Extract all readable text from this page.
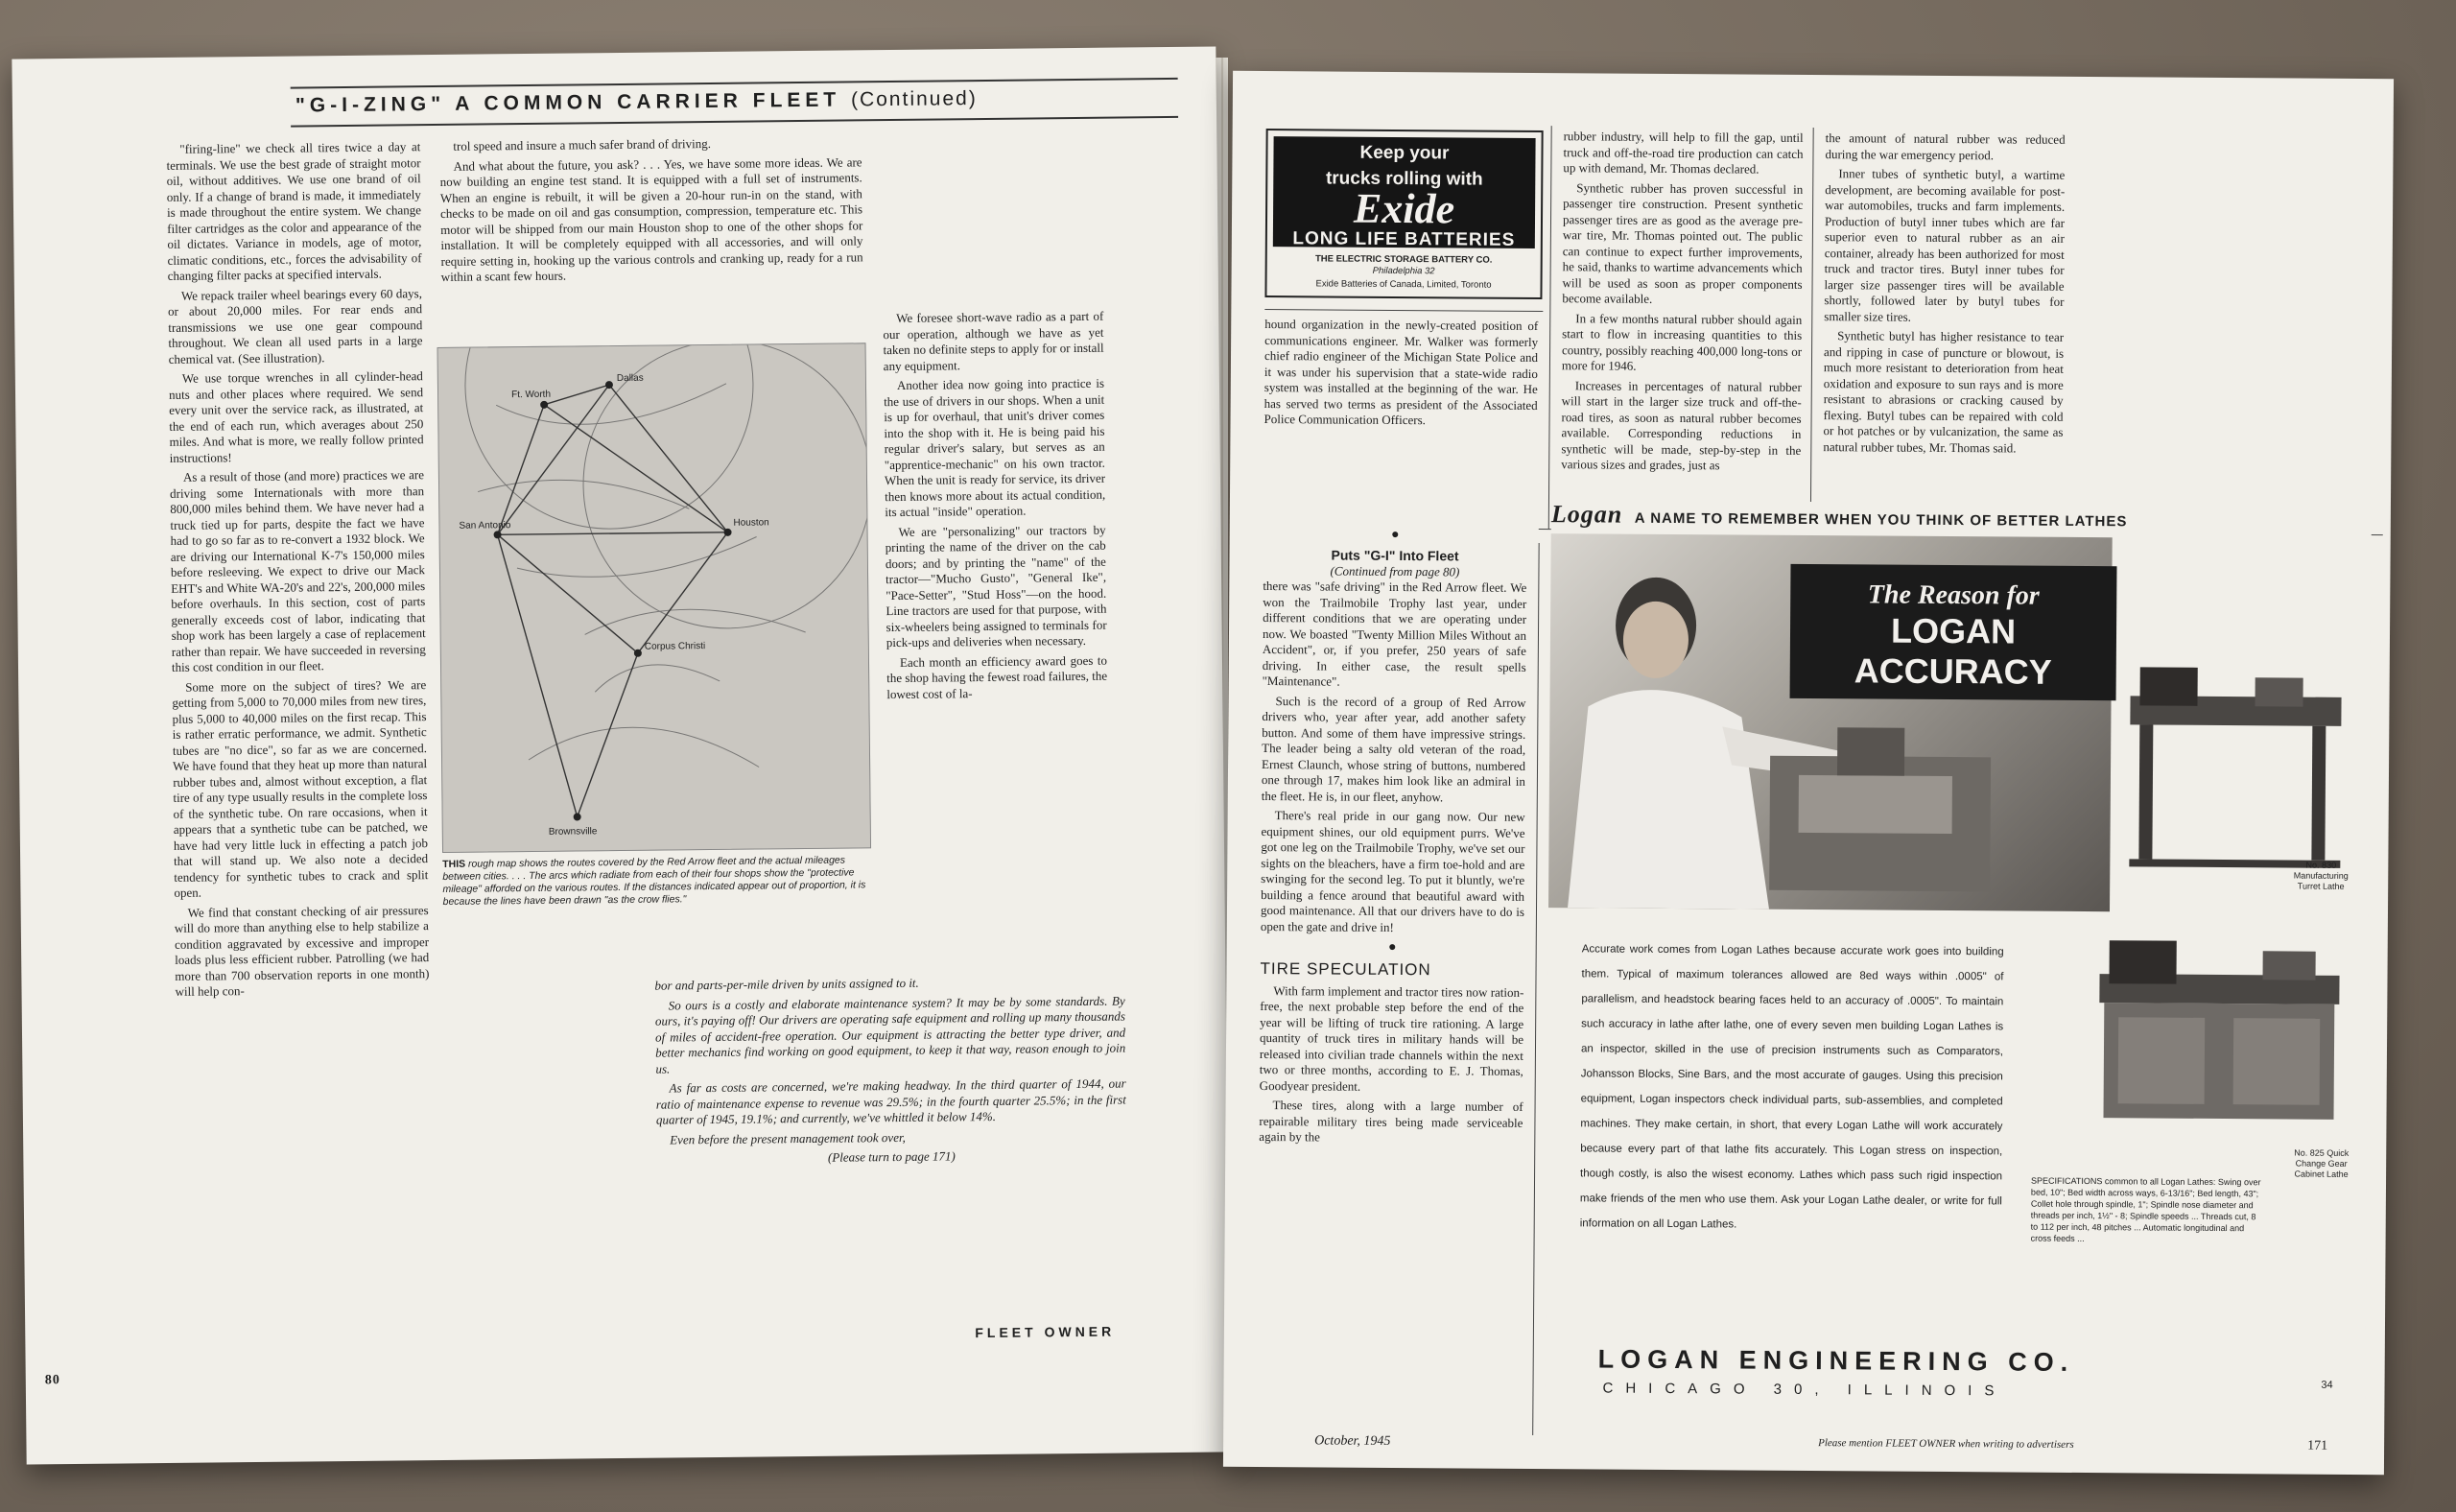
"G-I-ZING" A COMMON CARRIER FLEET (Continued)

"firing-line" we check all tires twice a day at terminals. We use the best grade of straight motor oil, without additives. We use one brand of oil only. If a change of brand is made, it immediately is made throughout the entire system. We change filter cartridges as the color and appearance of the oil dictates. Variance in models, age of motor, climatic conditions, etc., forces the advisability of changing filter packs at specified intervals.

We repack trailer wheel bearings every 60 days, or about 20,000 miles. For rear ends and transmissions we use one gear compound throughout. We clean all used parts in a large chemical vat. (See illustration).

We use torque wrenches in all cylinder-head nuts and other places where required. We send every unit over the service rack, as illustrated, at the end of each run, which averages about 250 miles. And what is more, we really follow printed instructions!

As a result of those (and more) practices we are driving some Internationals with more than 800,000 miles behind them. We have never had a truck tied up for parts, despite the fact we have had to go so far as to re-convert a 1932 block. We are driving our International K-7's 150,000 miles before resleeving. We expect to drive our Mack EHT's and White WA-20's and 22's, 200,000 miles before overhauls. In this section, cost of parts generally exceeds cost of labor, indicating that shop work has been largely a case of replacement rather than repair. We have succeeded in reversing this cost condition in our fleet.

Some more on the subject of tires? We are getting from 5,000 to 70,000 miles from new tires, plus 5,000 to 40,000 miles on the first recap. This is rather erratic performance, we admit. Synthetic tubes are "no dice", so far as we are concerned. We have found that they heat up more than natural rubber tubes and, almost without exception, a flat tire of any type usually results in the complete loss of the synthetic tube. On rare occasions, when it appears that a synthetic tube can be patched, we have had very little luck in effecting a patch job that will stand up. We also note a decided tendency for synthetic tubes to crack and split open.

We find that constant checking of air pressures will do more than anything else to help stabilize a condition aggravated by excessive and improper loads plus less efficient rubber. Patrolling (we had more than 700 observation reports in one month) will help con-

trol speed and insure a much safer brand of driving.

And what about the future, you ask? . . . Yes, we have some more ideas. We are now building an engine test stand. It is equipped with a full set of instruments. When an engine is rebuilt, it will be given a 20-hour run-in on the stand, with checks to be made on oil and gas consumption, compression, temperature etc. This motor will be shipped from our main Houston shop to one of the other shops for installation. It will be completely equipped with all accessories, and will only require setting in, hooking up the various controls and cranking up, ready for a run within a scant few hours.

Dallas
Ft. Worth
San Antonio	Houston
Corpus Christi
Brownsville
THIS rough map shows the routes covered by the Red Arrow fleet and the actual mileages between cities. . . . The arcs which radiate from each of their four shops show the "protective mileage" afforded on the various routes. If the distances indicated appear out of proportion, it is because the lines have been drawn "as the crow flies."

We foresee short-wave radio as a part of our operation, although we have as yet taken no definite steps to apply for or install any equipment.

Another idea now going into practice is the use of drivers in our shops. When a unit is up for overhaul, that unit's driver comes into the shop with it. He is being paid his regular driver's salary, but serves as an "apprentice-mechanic" on his own tractor. When the unit is ready for service, its driver then knows more about its actual condition, its actual "inside" operation.

We are "personalizing" our tractors by printing the name of the driver on the cab doors; and by printing the "name" of the tractor—"Mucho Gusto", "General Ike", "Pace-Setter", "Stud Hoss"—on the hood. Line tractors are used for that purpose, with six-wheelers being assigned to terminals for pick-ups and deliveries when necessary.

Each month an efficiency award goes to the shop having the fewest road failures, the lowest cost of la-

bor and parts-per-mile driven by units assigned to it.

So ours is a costly and elaborate maintenance system? It may be by some standards. By ours, it's paying off! Our drivers are operating safe equipment and rolling up many thousands of miles of accident-free operation. Our equipment is attracting the better type driver, and better mechanics find working on good equipment, to keep it that way, reason enough to join us.

As far as costs are concerned, we're making headway. In the third quarter of 1944, our ratio of maintenance expense to revenue was 29.5%; in the fourth quarter 25.5%; in the first quarter of 1945, 19.1%; and currently, we've whittled it below 14%.

Even before the present management took over,

(Please turn to page 171)

80
FLEET OWNER
Keep your
trucks rolling with
Exide
LONG LIFE BATTERIES
THE ELECTRIC STORAGE BATTERY CO.
Philadelphia 32
Exide Batteries of Canada, Limited, Toronto

hound organization in the newly-created position of communications engineer. Mr. Walker was formerly chief radio engineer of the Michigan State Police and it was under his supervision that a state-wide radio system was installed at the beginning of the war. He has served two terms as president of the Associated Police Communication Officers.

rubber industry, will help to fill the gap, until truck and off-the-road tire production can catch up with demand, Mr. Thomas declared.

Synthetic rubber has proven successful in passenger tire construction. Present synthetic passenger tires are as good as the average pre-war tire, Mr. Thomas pointed out. The public can continue to expect further improvements, he said, thanks to wartime advancements which will be used as soon as proper components become available.

In a few months natural rubber should again start to flow in increasing quantities to this country, possibly reaching 400,000 long-tons or more for 1946.

Increases in percentages of natural rubber will start in the larger size truck and off-the-road tires, as soon as natural rubber becomes available. Corresponding reductions in synthetic will be made, step-by-step in the various sizes and grades, just as

the amount of natural rubber was reduced during the war emergency period.

Inner tubes of synthetic butyl, a wartime development, are becoming available for post-war automobiles, trucks and farm implements. Production of butyl inner tubes which are far superior even to natural rubber as an air container, already has been authorized for most truck and tractor tires. Butyl inner tubes for larger size passenger tires will be available shortly, followed later by butyl tubes for smaller size tires.

Synthetic butyl has higher resistance to tear and ripping in case of puncture or blowout, is much more resistant to deterioration from heat oxidation and exposure to sun rays and is more resistant to abrasions or cracking caused by flexing. Butyl tubes can be repaired with cold or hot patches or by vulcanization, the same as natural rubber tubes, Mr. Thomas said.

●
Puts "G-I" Into Fleet
(Continued from page 80)

there was "safe driving" in the Red Arrow fleet. We won the Trailmobile Trophy last year, under different conditions that we are operating under now. We boasted "Twenty Million Miles Without an Accident", or, if you prefer, 250 years of safe driving. In either case, the result spells "Maintenance".

Such is the record of a group of Red Arrow drivers who, year after year, add another safety button. And some of them have impressive strings. The leader being a salty old veteran of the road, Ernest Claunch, whose string of buttons, numbered one through 17, makes him look like an admiral in the fleet. He is, in our fleet, anyhow.

There's real pride in our gang now. Our new equipment shines, our old equipment purrs. We've got one leg on the Trailmobile Trophy, we've set our sights on the bleachers, have a firm toe-hold and are swinging for the second leg. To put it bluntly, we're building a fence around that beautiful award with good maintenance. All that our drivers have to do is open the gate and drive in!

●
TIRE SPECULATION

With farm implement and tractor tires now ration-free, the next probable step before the end of the year will be lifting of truck tire rationing. A large quantity of truck tires in military hands will be released into civilian trade channels within the next two or three months, according to E. J. Thomas, Goodyear president.

These tires, along with a large number of repairable military tires being made serviceable again by the

Logan A NAME TO REMEMBER WHEN YOU THINK OF BETTER LATHES
The Reason for
LOGAN
ACCURACY
No. 830 Manufacturing Turret Lathe
No. 825 Quick Change Gear Cabinet Lathe
Accurate work comes from Logan Lathes because accurate work goes into building them. Typical of maximum tolerances allowed are 8ed ways within .0005" of parallelism, and headstock bearing faces held to an accuracy of .0005". To maintain such accuracy in lathe after lathe, one of every seven men building Logan Lathes is an inspector, skilled in the use of precision instruments such as Comparators, Johansson Blocks, Sine Bars, and the most accurate of gauges. Using this precision equipment, Logan inspectors check individual parts, sub-assemblies, and completed machines. They make certain, in short, that every Logan Lathe will work accurately because every part of that lathe fits accurately. This Logan stress on inspection, though costly, is also the wisest economy. Lathes which pass such rigid inspection make friends of the men who use them. Ask your Logan Lathe dealer, or write for full information on all Logan Lathes.
SPECIFICATIONS common to all Logan Lathes: Swing over bed, 10"; Bed width across ways, 6-13/16"; Bed length, 43"; Collet hole through spindle, 1"; Spindle nose diameter and threads per inch, 1½" - 8; Spindle speeds ... Threads cut, 8 to 112 per inch, 48 pitches ... Automatic longitudinal and cross feeds ...
LOGAN ENGINEERING CO.
CHICAGO 30, ILLINOIS	34
October, 1945	Please mention FLEET OWNER when writing to advertisers	171
